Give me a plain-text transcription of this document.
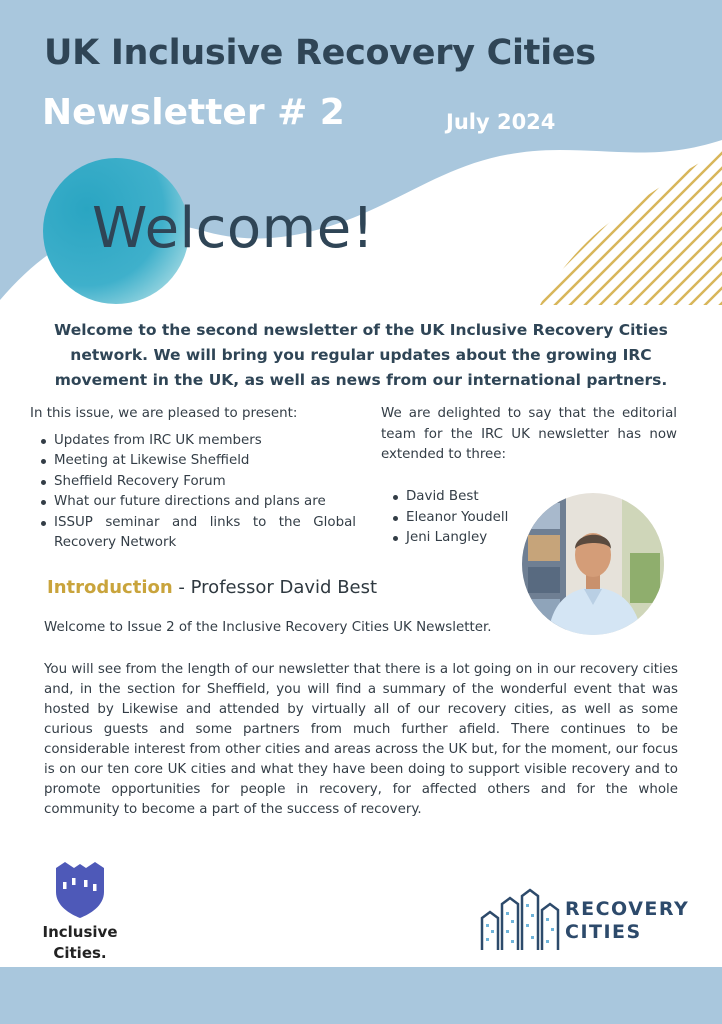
UK Inclusive Recovery Cities
Newsletter # 2	July 2024
Welcome!

Welcome to the second newsletter of the UK Inclusive Recovery Cities network. We will bring you regular updates about the growing IRC movement in the UK, as well as news from our international partners.

In this issue, we are pleased to present:

Updates from IRC UK members
Meeting at Likewise Sheffield
Sheffield Recovery Forum
What our future directions and plans are
ISSUP seminar and links to the Global Recovery Network

We are delighted to say that the editorial team for the IRC UK newsletter has now extended to three:

David Best
Eleanor Youdell
Jeni Langley
Introduction - Professor David Best

Welcome to Issue 2 of the Inclusive Recovery Cities UK Newsletter.

You will see from the length of our newsletter that there is a lot going on in our recovery cities and, in the section for Sheffield, you will find a summary of the wonderful event that was hosted by Likewise and attended by virtually all of our recovery cities, as well as some curious guests and some partners from much further afield. There continues to be considerable interest from other cities and areas across the UK but, for the moment, our focus is on our ten core UK cities and what they have been doing to support visible recovery and to promote opportunities for people in recovery, for affected others and for the whole community to become a part of the success of recovery.

Inclusive
Cities.
RECOVERY
CITIES
